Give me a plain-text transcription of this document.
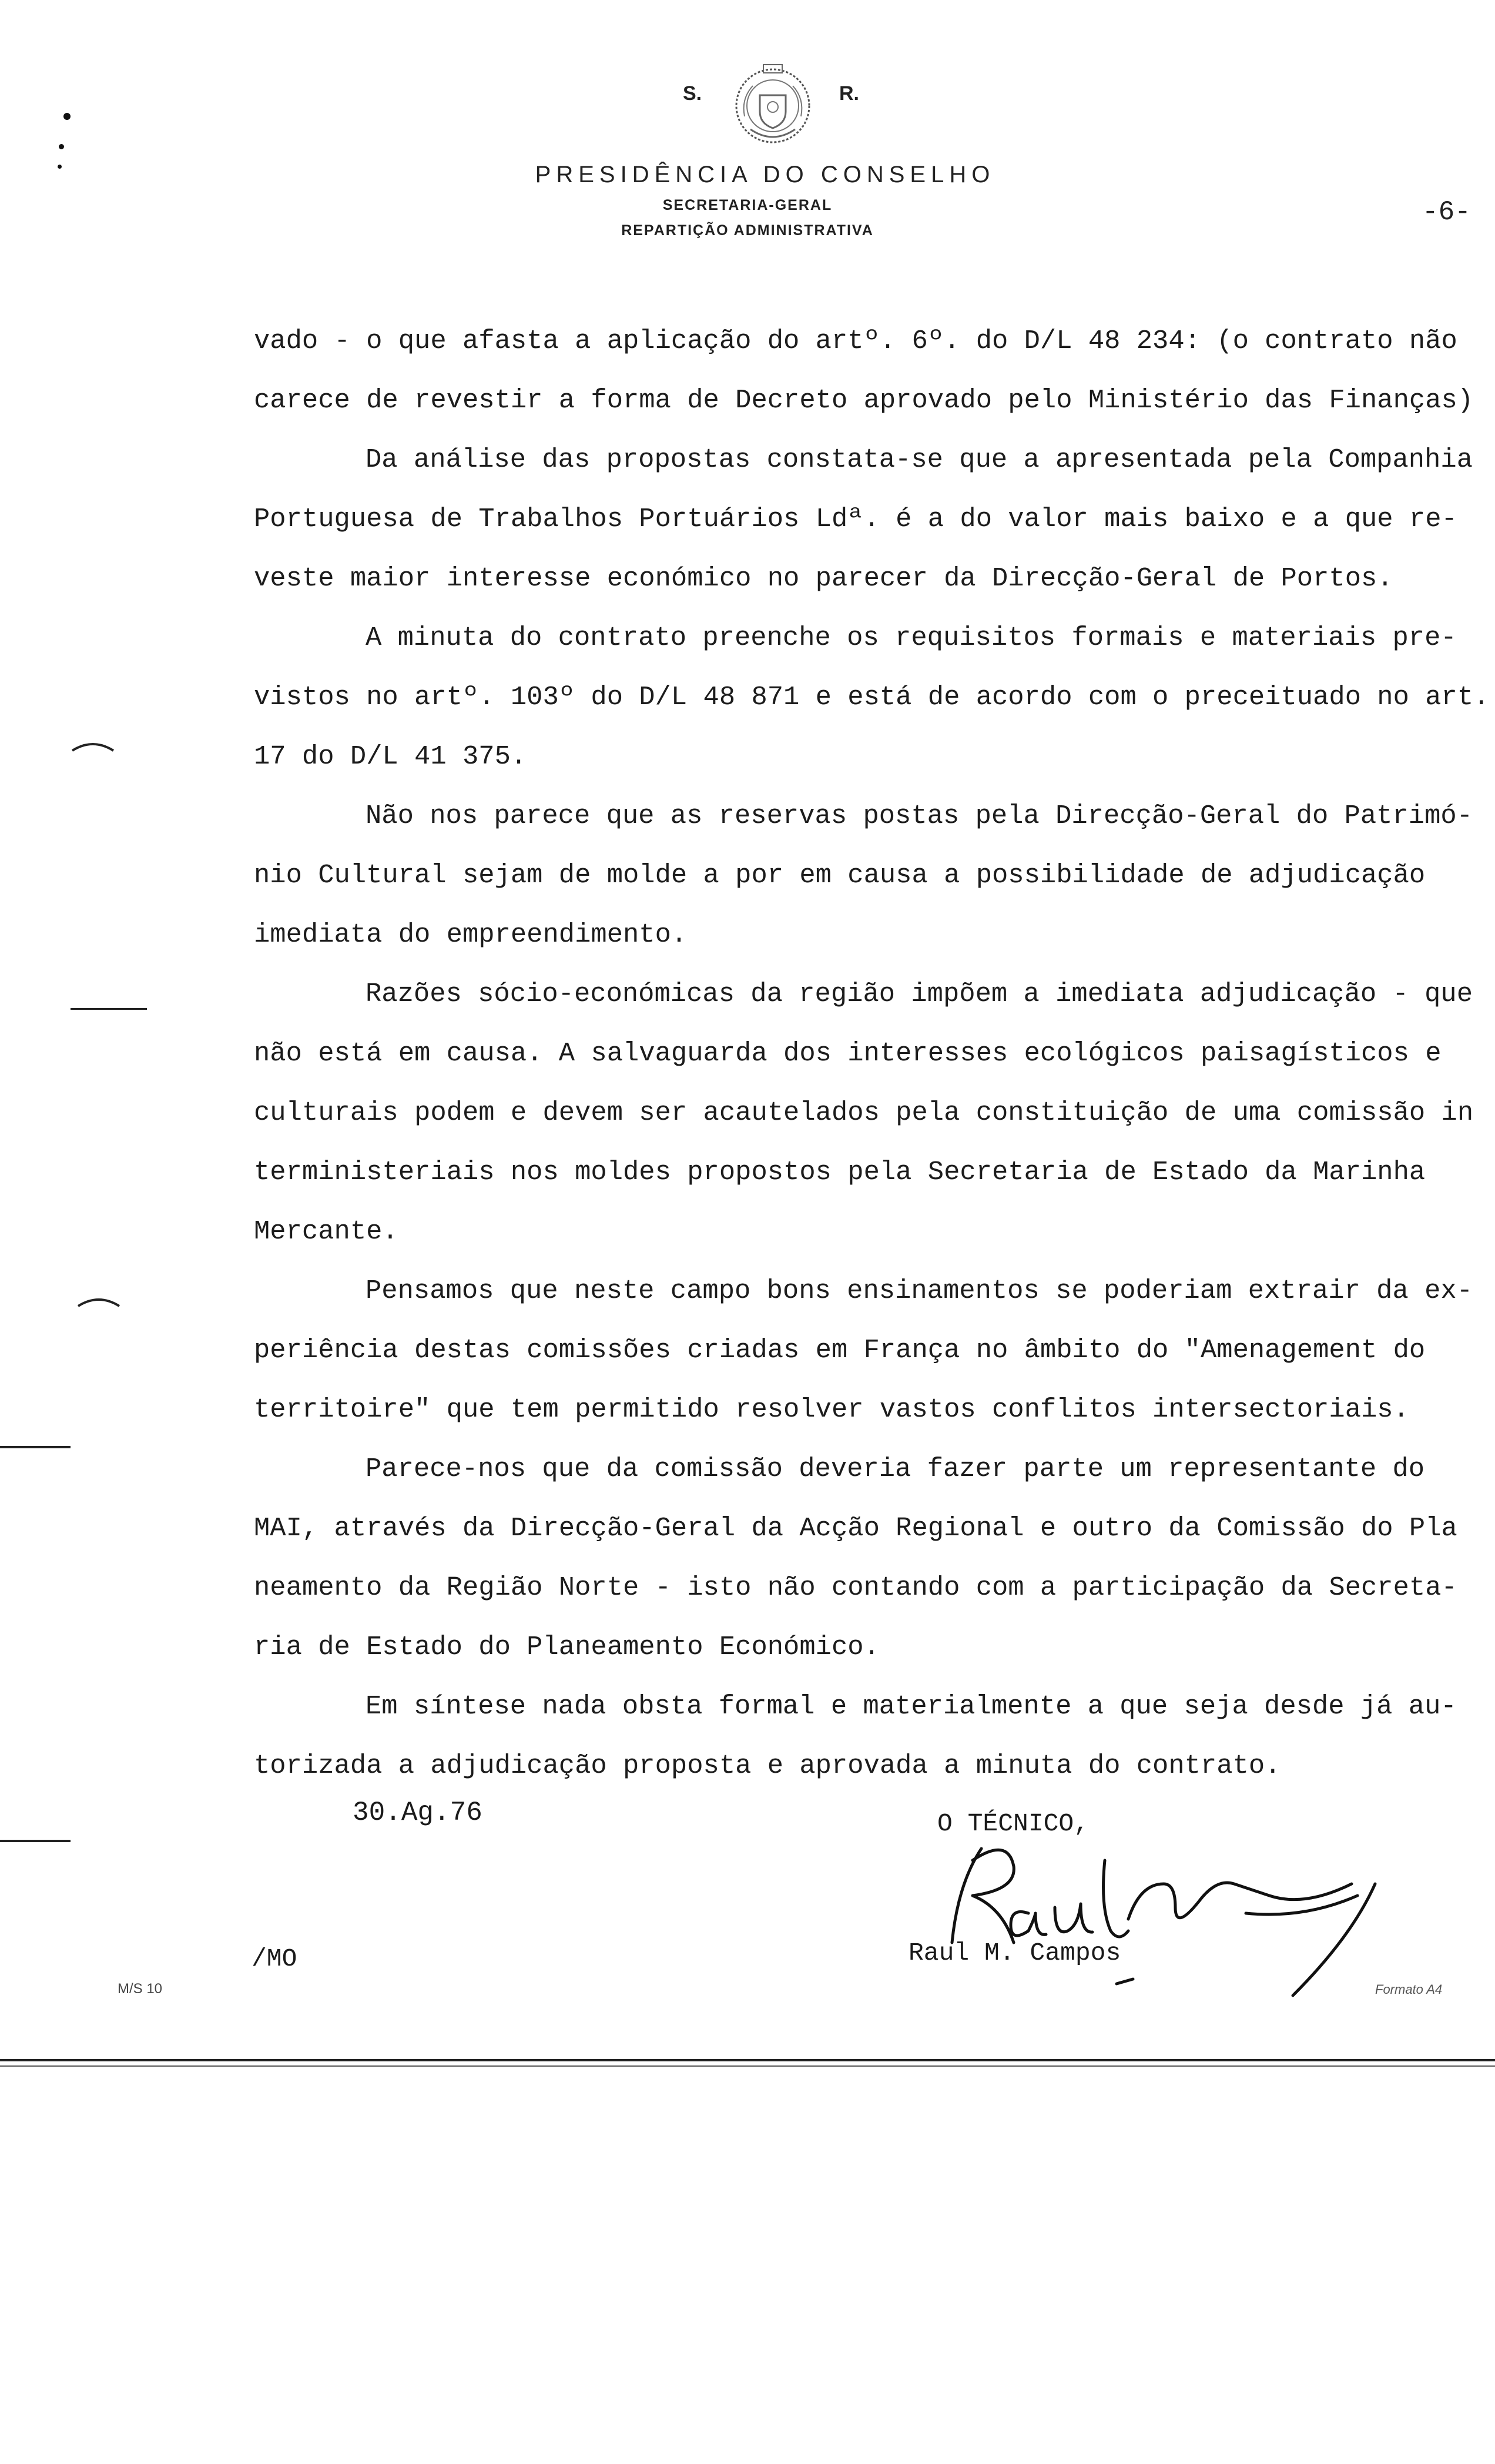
S.	R.
PRESIDÊNCIA DO CONSELHO
SECRETARIA-GERAL
REPARTIÇÃO ADMINISTRATIVA
-6-
vado - o que afasta a aplicação do artº. 6º. do D/L 48 234: (o contrato não
carece de revestir a forma de Decreto aprovado pelo Ministério das Finanças)
Da análise das propostas constata-se que a apresentada pela Companhia
Portuguesa de Trabalhos Portuários Ldª. é a do valor mais baixo e a que re-
veste maior interesse económico no parecer da Direcção-Geral de Portos.
A minuta do contrato preenche os requisitos formais e materiais pre-
vistos no artº. 103º do D/L 48 871 e está de acordo com o preceituado no art.
17 do D/L 41 375.
Não nos parece que as reservas postas pela Direcção-Geral do Patrimó-
nio Cultural sejam de molde a por em causa a possibilidade de adjudicação
imediata do empreendimento.
Razões sócio-económicas da região impõem a imediata adjudicação - que
não está em causa. A salvaguarda dos interesses ecológicos paisagísticos e
culturais podem e devem ser acautelados pela constituição de uma comissão in
terministeriais nos moldes propostos pela Secretaria de Estado da Marinha
Mercante.
Pensamos que neste campo bons ensinamentos se poderiam extrair da ex-
periência destas comissões criadas em França no âmbito do "Amenagement do
territoire" que tem permitido resolver vastos conflitos intersectoriais.
Parece-nos que da comissão deveria fazer parte um representante do
MAI, através da Direcção-Geral da Acção Regional e outro da Comissão do Pla
neamento da Região Norte - isto não contando com a participação da Secreta-
ria de Estado do Planeamento Económico.
Em síntese nada obsta formal e materialmente a que seja desde já au-
torizada a adjudicação proposta e aprovada a minuta do contrato.
30.Ag.76	O TÉCNICO,
Raul M. Campos
/MO
M/S 10	Formato A4
